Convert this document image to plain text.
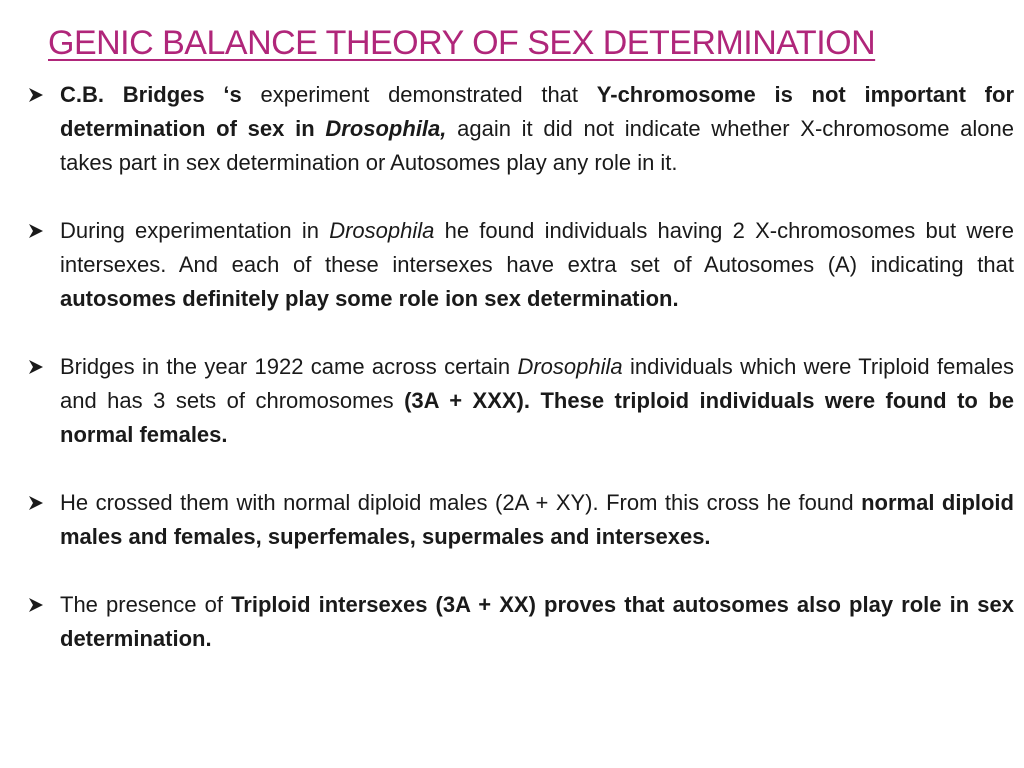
GENIC BALANCE THEORY OF SEX DETERMINATION
C.B. Bridges ‘s experiment demonstrated that Y-chromosome is not important for determination of sex in Drosophila, again it did not indicate whether X-chromosome alone takes part in sex determination or Autosomes play any role in it.
During experimentation in Drosophila he found individuals having 2 X-chromosomes but were intersexes. And each of these intersexes have extra set of Autosomes (A) indicating that autosomes definitely play some role ion sex determination.
Bridges in the year 1922 came across certain Drosophila individuals which were Triploid females and has 3 sets of chromosomes (3A + XXX). These triploid individuals were found to be normal females.
He crossed them with normal diploid males (2A + XY). From this cross he found normal diploid males and females, superfemales, supermales and intersexes.
The presence of Triploid intersexes (3A + XX) proves that autosomes also play role in sex determination.
